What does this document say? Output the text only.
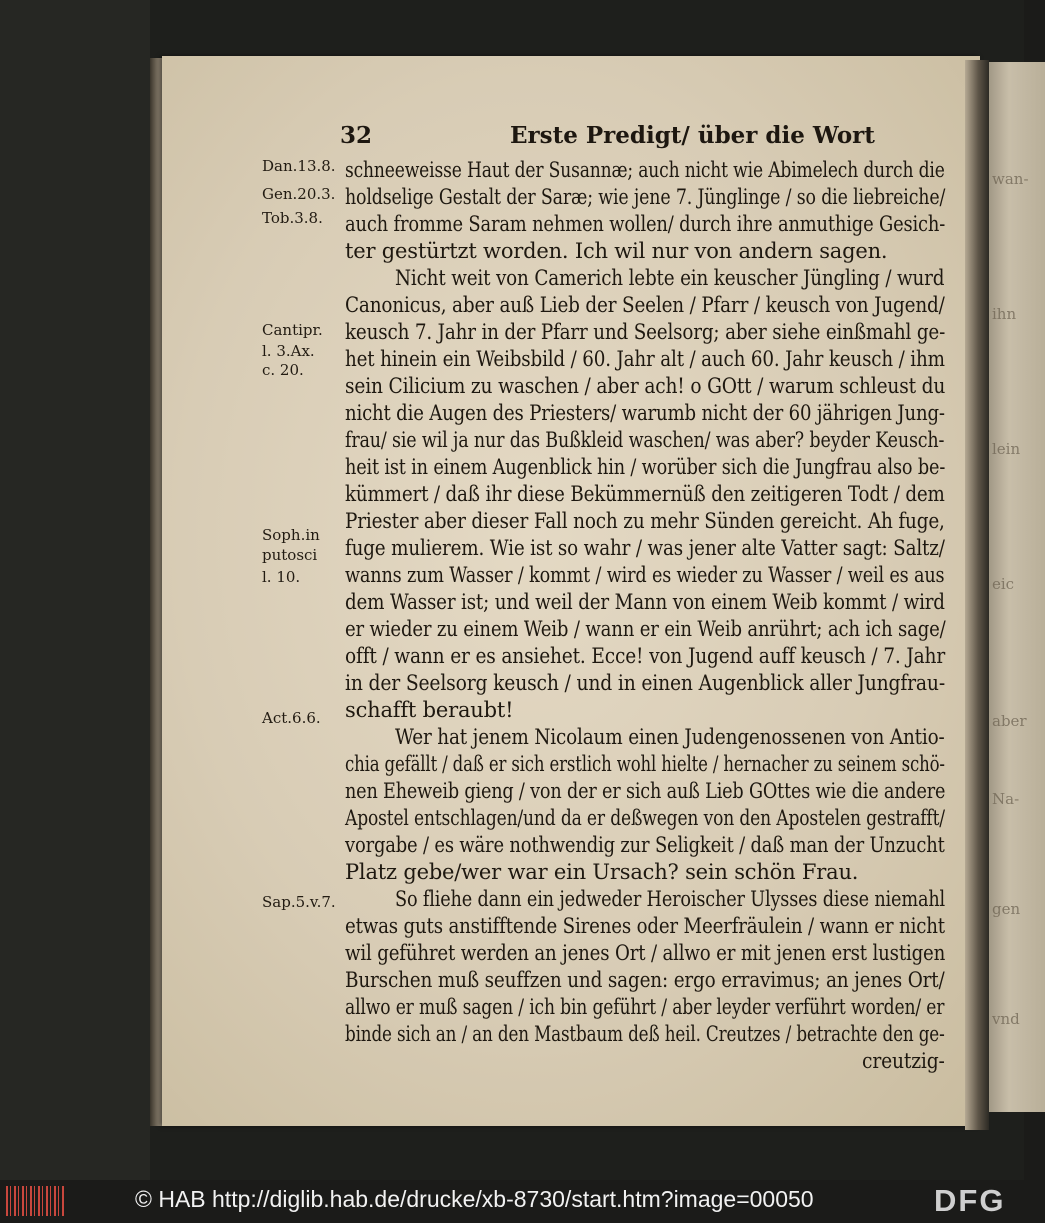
wan-
ihn
lein
eic
aber
Na-
gen
vnd
32	Erste Predigt/ über die Wort
Dan.13.8.
Gen.20.3.
Tob.3.8.
Cantipr.
l. 3.Ax.
c. 20.
Soph.in
putosci
l. 10.
Act.6.6.
Sap.5.v.7.
schneeweisse Haut der Susannæ; auch nicht wie Abimelech durch die
holdselige Gestalt der Saræ; wie jene 7. Jünglinge / so die liebreiche/
auch fromme Saram nehmen wollen/ durch ihre anmuthige Gesich-
ter gestürtzt worden. Ich wil nur von andern sagen.
Nicht weit von Camerich lebte ein keuscher Jüngling / wurd
Canonicus, aber auß Lieb der Seelen / Pfarr / keusch von Jugend/
keusch 7. Jahr in der Pfarr und Seelsorg; aber siehe einßmahl ge-
het hinein ein Weibsbild / 60. Jahr alt / auch 60. Jahr keusch / ihm
sein Cilicium zu waschen / aber ach! o GOtt / warum schleust du
nicht die Augen des Priesters/ warumb nicht der 60 jährigen Jung-
frau/ sie wil ja nur das Bußkleid waschen/ was aber? beyder Keusch-
heit ist in einem Augenblick hin / worüber sich die Jungfrau also be-
kümmert / daß ihr diese Bekümmernüß den zeitigeren Todt / dem
Priester aber dieser Fall noch zu mehr Sünden gereicht. Ah fuge,
fuge mulierem. Wie ist so wahr / was jener alte Vatter sagt: Saltz/
wanns zum Wasser / kommt / wird es wieder zu Wasser / weil es aus
dem Wasser ist; und weil der Mann von einem Weib kommt / wird
er wieder zu einem Weib / wann er ein Weib anrührt; ach ich sage/
offt / wann er es ansiehet. Ecce! von Jugend auff keusch / 7. Jahr
in der Seelsorg keusch / und in einen Augenblick aller Jungfrau-
schafft beraubt!
Wer hat jenem Nicolaum einen Judengenossenen von Antio-
chia gefällt / daß er sich erstlich wohl hielte / hernacher zu seinem schö-
nen Eheweib gieng / von der er sich auß Lieb GOttes wie die andere
Apostel entschlagen/und da er deßwegen von den Apostelen gestrafft/
vorgabe / es wäre nothwendig zur Seligkeit / daß man der Unzucht
Platz gebe/wer war ein Ursach? sein schön Frau.
So fliehe dann ein jedweder Heroischer Ulysses diese niemahl
etwas guts anstifftende Sirenes oder Meerfräulein / wann er nicht
wil geführet werden an jenes Ort / allwo er mit jenen erst lustigen
Burschen muß seuffzen und sagen: ergo erravimus; an jenes Ort/
allwo er muß sagen / ich bin geführt / aber leyder verführt worden/ er
binde sich an / an den Mastbaum deß heil. Creutzes / betrachte den ge-
creutzig-
© HAB http://diglib.hab.de/drucke/xb-8730/start.htm?image=00050	DFG
